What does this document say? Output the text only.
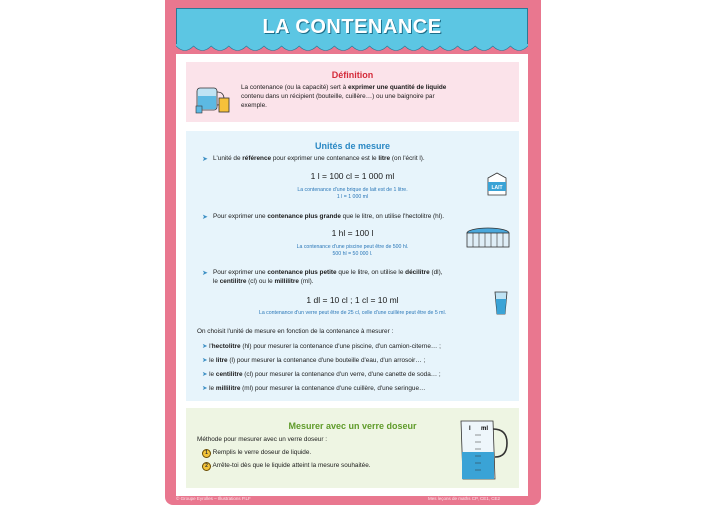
LA CONTENANCE
Définition
La contenance (ou la capacité) sert à exprimer une quantité de liquide
contenu dans un récipient (bouteille, cuillère…) ou une baignoire par
exemple.
Unités de mesure
➤ L'unité de référence pour exprimer une contenance est le litre (on l'écrit l).
1 l = 100 cl = 1 000 ml
La contenance d'une brique de lait est de 1 litre.
1 l = 1 000 ml
LAIT
➤ Pour exprimer une contenance plus grande que le litre, on utilise l'hectolitre (hl).
1 hl = 100 l
La contenance d'une piscine peut être de 500 hl.
500 hl = 50 000 l.
➤ Pour exprimer une contenance plus petite que le litre, on utilise le décilitre (dl),
le centilitre (cl) ou le millilitre (ml).
1 dl = 10 cl ; 1 cl = 10 ml
La contenance d'un verre peut être de 25 cl, celle d'une cuillère peut être de 5 ml.
On choisit l'unité de mesure en fonction de la contenance à mesurer :
➤ l'hectolitre (hl) pour mesurer la contenance d'une piscine, d'un camion-citerne… ;
➤ le litre (l) pour mesurer la contenance d'une bouteille d'eau, d'un arrosoir… ;
➤ le centilitre (cl) pour mesurer la contenance d'un verre, d'une canette de soda… ;
➤ le millilitre (ml) pour mesurer la contenance d'une cuillère, d'une seringue…
Mesurer avec un verre doseur
Méthode pour mesurer avec un verre doseur :
1 Remplis le verre doseur de liquide.
2 Arrête-toi dès que le liquide atteint la mesure souhaitée.
l ml
© Groupe Eyrolles – Illustrations P.LF	Mes leçons de maths CP, CE1, CE2
